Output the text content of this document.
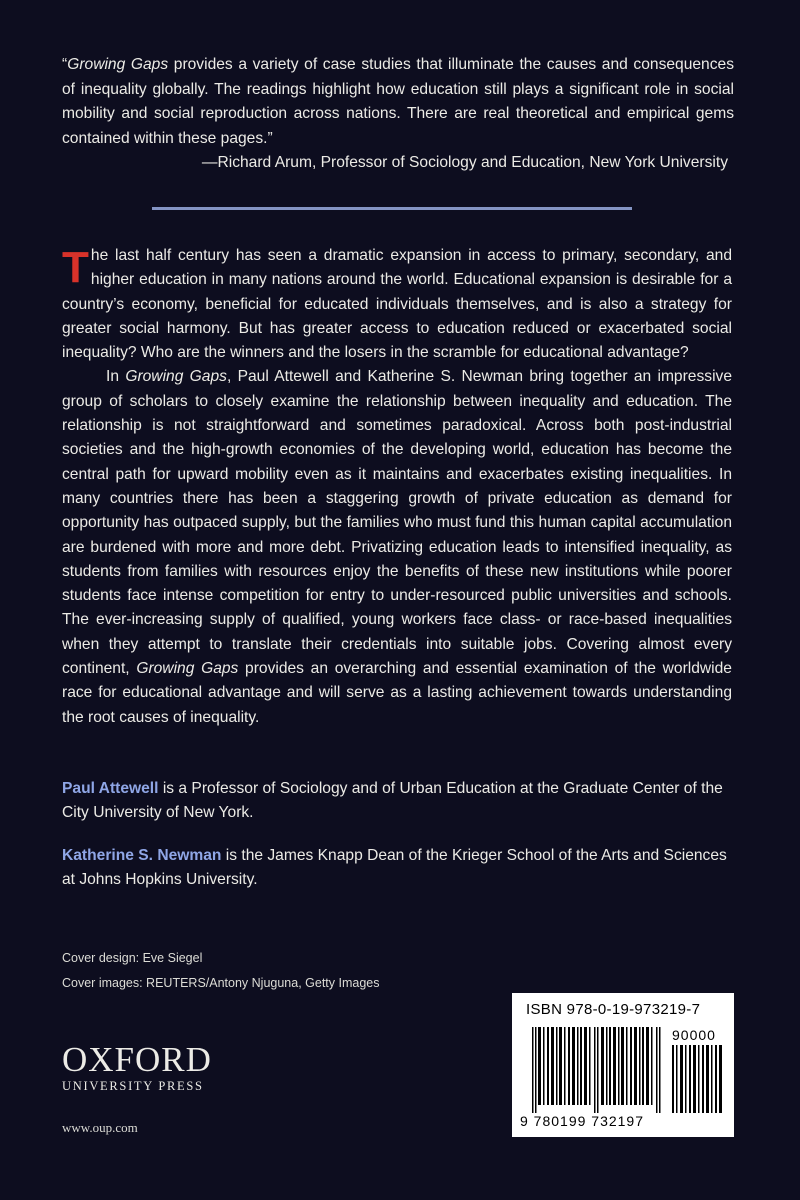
“Growing Gaps provides a variety of case studies that illuminate the causes and consequences of inequality globally. The readings highlight how education still plays a significant role in social mobility and social reproduction across nations. There are real theoretical and empirical gems contained within these pages.”

—Richard Arum, Professor of Sociology and Education, New York University

The last half century has seen a dramatic expansion in access to primary, secondary, and higher education in many nations around the world. Educational expansion is desirable for a country’s economy, beneficial for educated individuals themselves, and is also a strategy for greater social harmony. But has greater access to education reduced or exacerbated social inequality? Who are the winners and the losers in the scramble for educational advantage?

In Growing Gaps, Paul Attewell and Katherine S. Newman bring together an impressive group of scholars to closely examine the relationship between inequality and education. The relationship is not straightforward and sometimes paradoxical. Across both post-industrial societies and the high-growth economies of the developing world, education has become the central path for upward mobility even as it maintains and exacerbates existing inequalities. In many countries there has been a staggering growth of private education as demand for opportunity has outpaced supply, but the families who must fund this human capital accumulation are burdened with more and more debt. Privatizing education leads to intensified inequality, as students from families with resources enjoy the benefits of these new institutions while poorer students face intense competition for entry to under-resourced public universities and schools. The ever-increasing supply of qualified, young workers face class- or race-based inequalities when they attempt to translate their credentials into suitable jobs. Covering almost every continent, Growing Gaps provides an overarching and essential examination of the worldwide race for educational advantage and will serve as a lasting achievement towards understanding the root causes of inequality.

Paul Attewell is a Professor of Sociology and of Urban Education at the Graduate Center of the City University of New York.

Katherine S. Newman is the James Knapp Dean of the Krieger School of the Arts and Sciences at Johns Hopkins University.

Cover design: Eve Siegel
Cover images: REUTERS/Antony Njuguna, Getty Images
OXFORD
UNIVERSITY PRESS
www.oup.com
ISBN 978-0-19-973219-7
90000
9 780199 732197
